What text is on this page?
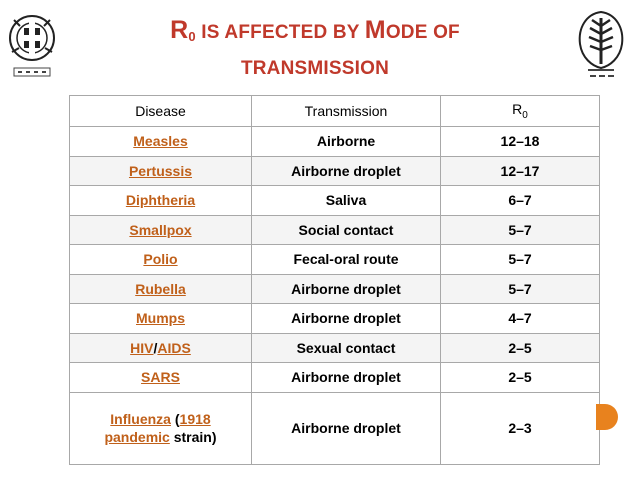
$R_0$ IS AFFECTED BY MODE OF
TRANSMISSION
Disease	Transmission	$R_0$
Measles	Airborne	12–18
Pertussis	Airborne droplet	12–17
Diphtheria	Saliva	6–7
Smallpox	Social contact	5–7
Polio	Fecal-oral route	5–7
Rubella	Airborne droplet	5–7
Mumps	Airborne droplet	4–7
HIV/AIDS	Sexual contact	2–5
SARS	Airborne droplet	2–5
Influenza (1918
pandemic strain)	Airborne droplet	2–3
